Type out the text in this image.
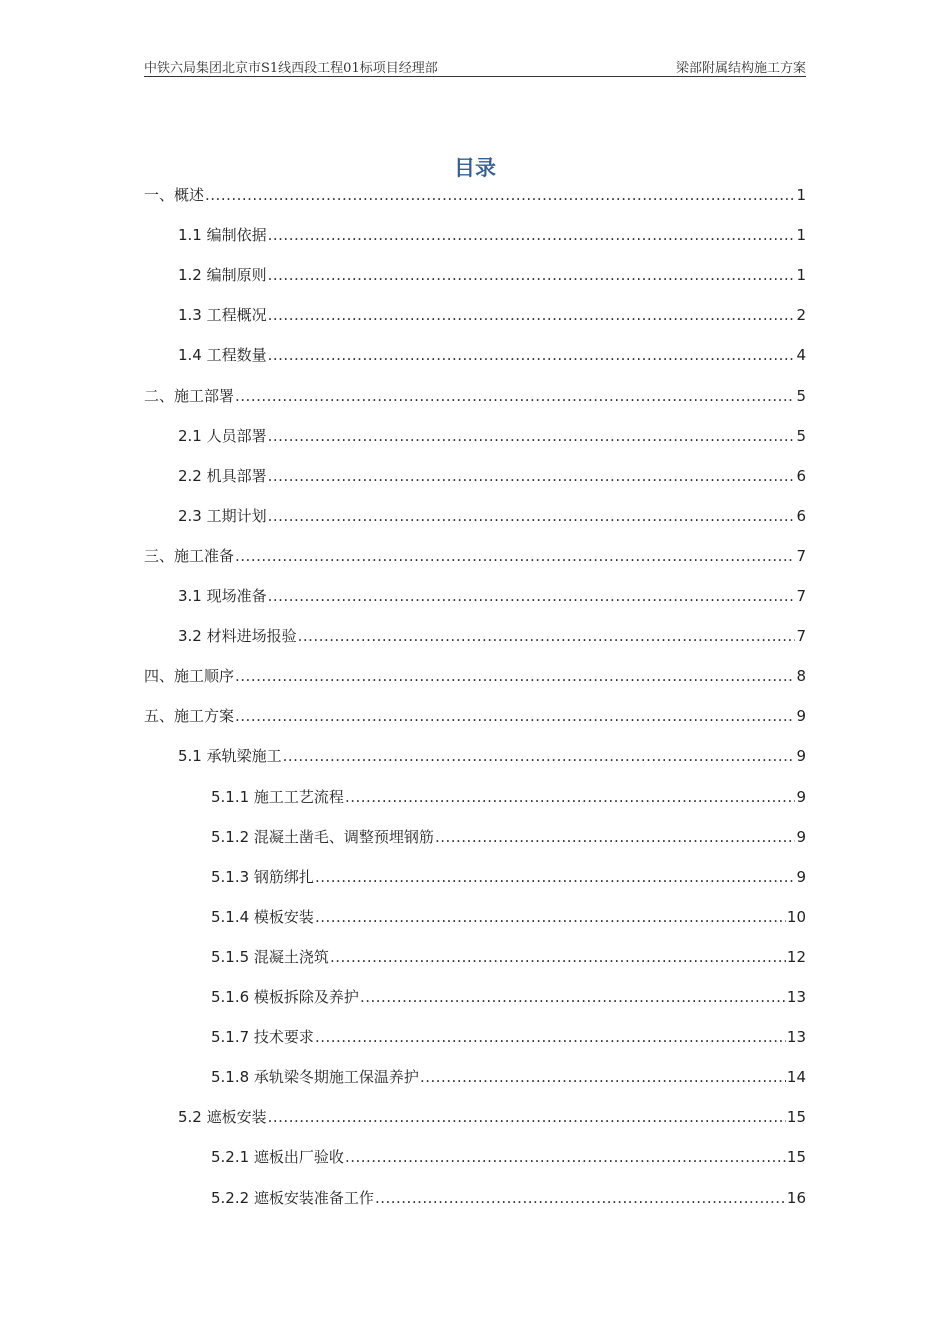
中铁六局集团北京市S1线西段工程01标项目经理部	梁部附属结构施工方案
目录
一、概述 .....	1
1.1 编制依据 .....	1
1.2 编制原则 .....	1
1.3 工程概况 .....	2
1.4 工程数量 .....	4
二、施工部署 .....	5
2.1 人员部署 .....	5
2.2 机具部署 .....	6
2.3 工期计划 .....	6
三、施工准备 .....	7
3.1 现场准备 .....	7
3.2 材料进场报验 .....	7
四、施工顺序 .....	8
五、施工方案 .....	9
5.1 承轨梁施工 .....	9
5.1.1 施工工艺流程 .....	9
5.1.2 混凝土凿毛、调整预埋钢筋 .....	9
5.1.3 钢筋绑扎 .....	9
5.1.4 模板安装 .....	10
5.1.5 混凝土浇筑 .....	12
5.1.6 模板拆除及养护 .....	13
5.1.7 技术要求 .....	13
5.1.8 承轨梁冬期施工保温养护 .....	14
5.2 遮板安装 .....	15
5.2.1 遮板出厂验收 .....	15
5.2.2 遮板安装准备工作 .....	16
